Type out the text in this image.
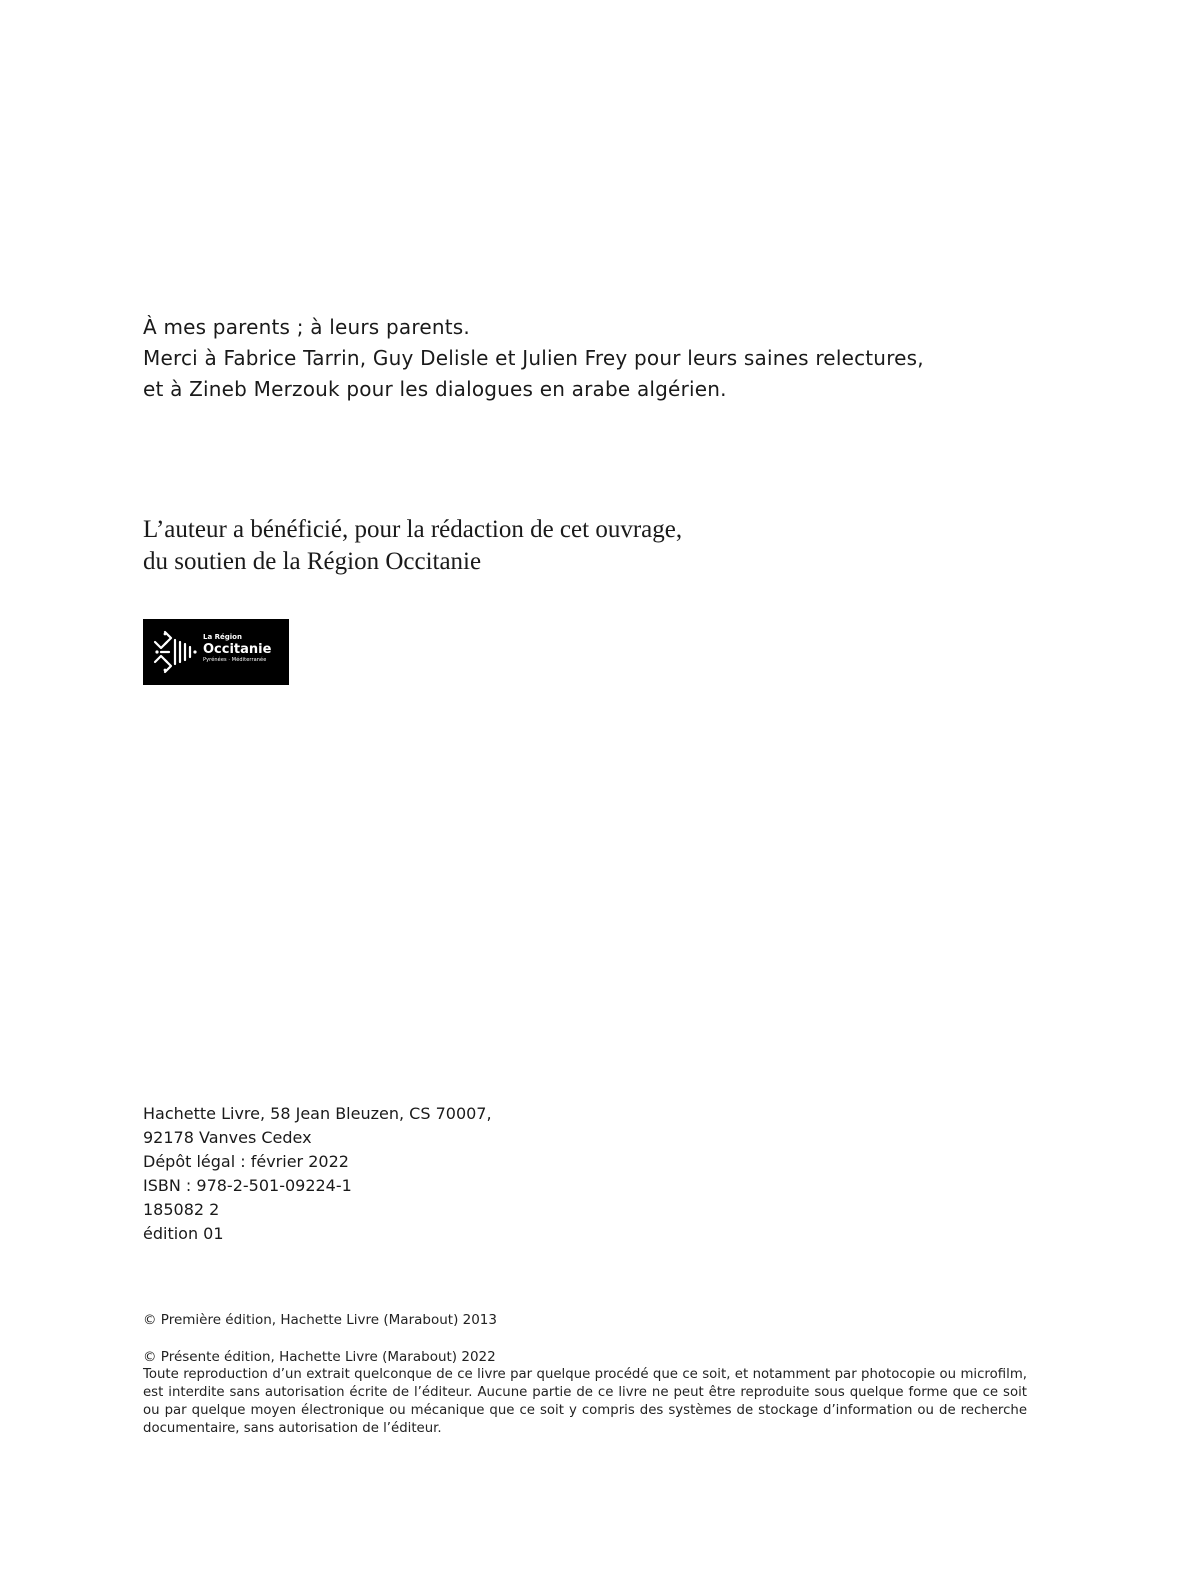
À mes parents ; à leurs parents.
Merci à Fabrice Tarrin, Guy Delisle et Julien Frey pour leurs saines relectures,
et à Zineb Merzouk pour les dialogues en arabe algérien.
L’auteur a bénéficié, pour la rédaction de cet ouvrage,
du soutien de la Région Occitanie
La Région
Occitanie
Pyrénées · Méditerranée
Hachette Livre, 58 Jean Bleuzen, CS 70007,
92178 Vanves Cedex
Dépôt légal : février 2022
ISBN : 978-2-501-09224-1
185082 2
édition 01
© Première édition, Hachette Livre (Marabout) 2013
© Présente édition, Hachette Livre (Marabout) 2022
Toute reproduction d’un extrait quelconque de ce livre par quelque procédé que ce soit, et notamment par photocopie ou microfilm, est interdite sans autorisation écrite de l’éditeur. Aucune partie de ce livre ne peut être reproduite sous quelque forme que ce soit ou par quelque moyen électronique ou mécanique que ce soit y compris des systèmes de stockage d’information ou de recherche documentaire, sans autorisation de l’éditeur.
